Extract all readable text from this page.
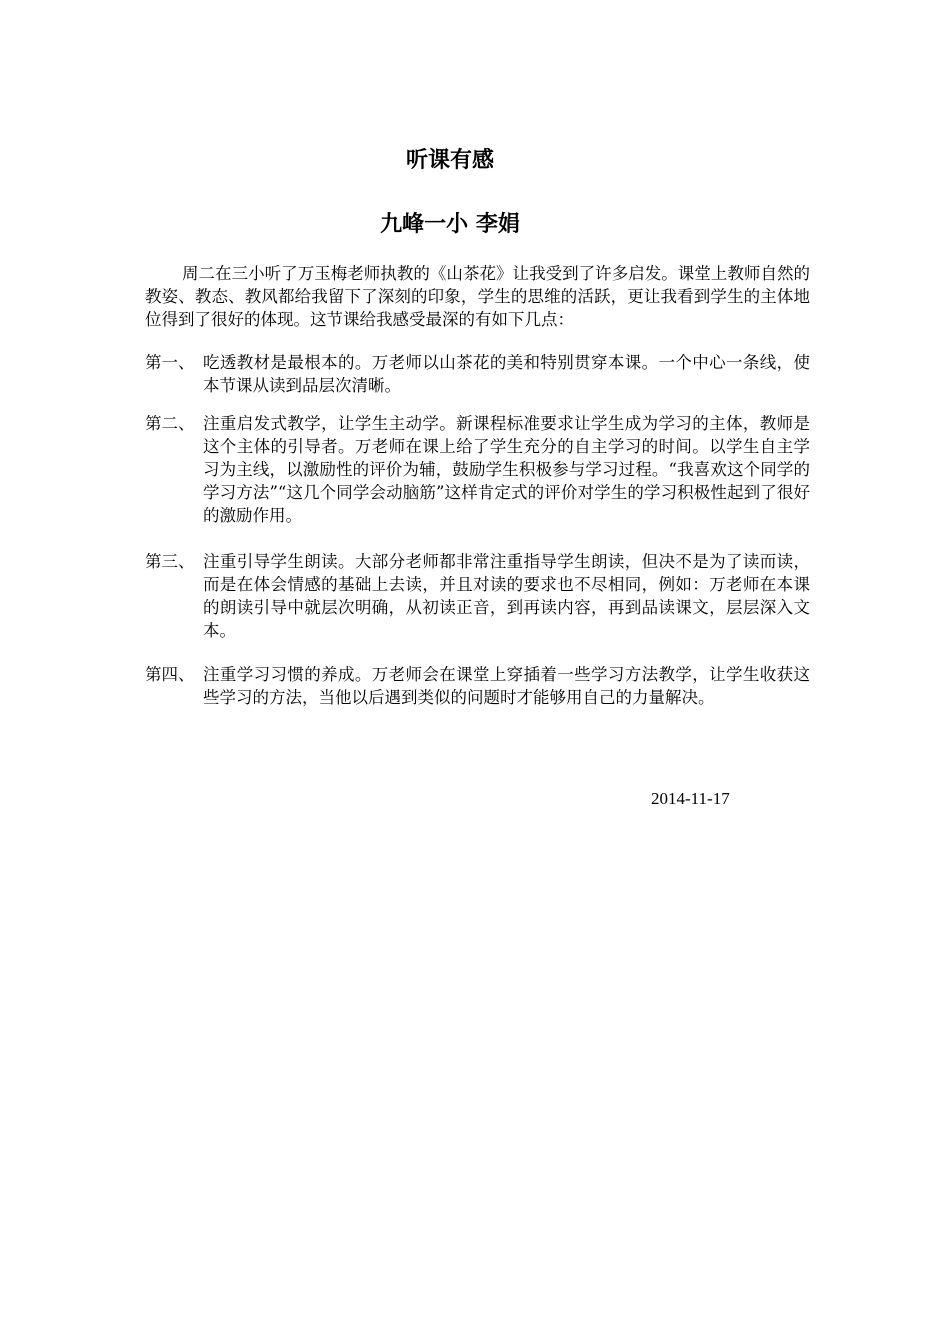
听课有感
九峰一小 李娟

周二在三小听了万玉梅老师执教的《山茶花》让我受到了许多启发。课堂上教师自然的教姿、教态、教风都给我留下了深刻的印象，学生的思维的活跃，更让我看到学生的主体地位得到了很好的体现。这节课给我感受最深的有如下几点：

第一、 吃透教材是最根本的。万老师以山茶花的美和特别贯穿本课。一个中心一条线，使本节课从读到品层次清晰。
第二、 注重启发式教学，让学生主动学。新课程标准要求让学生成为学习的主体，教师是这个主体的引导者。万老师在课上给了学生充分的自主学习的时间。以学生自主学习为主线，以激励性的评价为辅，鼓励学生积极参与学习过程。“我喜欢这个同学的学习方法”“这几个同学会动脑筋”这样肯定式的评价对学生的学习积极性起到了很好的激励作用。
第三、 注重引导学生朗读。大部分老师都非常注重指导学生朗读，但决不是为了读而读，而是在体会情感的基础上去读，并且对读的要求也不尽相同，例如：万老师在本课的朗读引导中就层次明确，从初读正音，到再读内容，再到品读课文，层层深入文本。
第四、 注重学习习惯的养成。万老师会在课堂上穿插着一些学习方法教学，让学生收获这些学习的方法，当他以后遇到类似的问题时才能够用自己的力量解决。

2014-11-17
